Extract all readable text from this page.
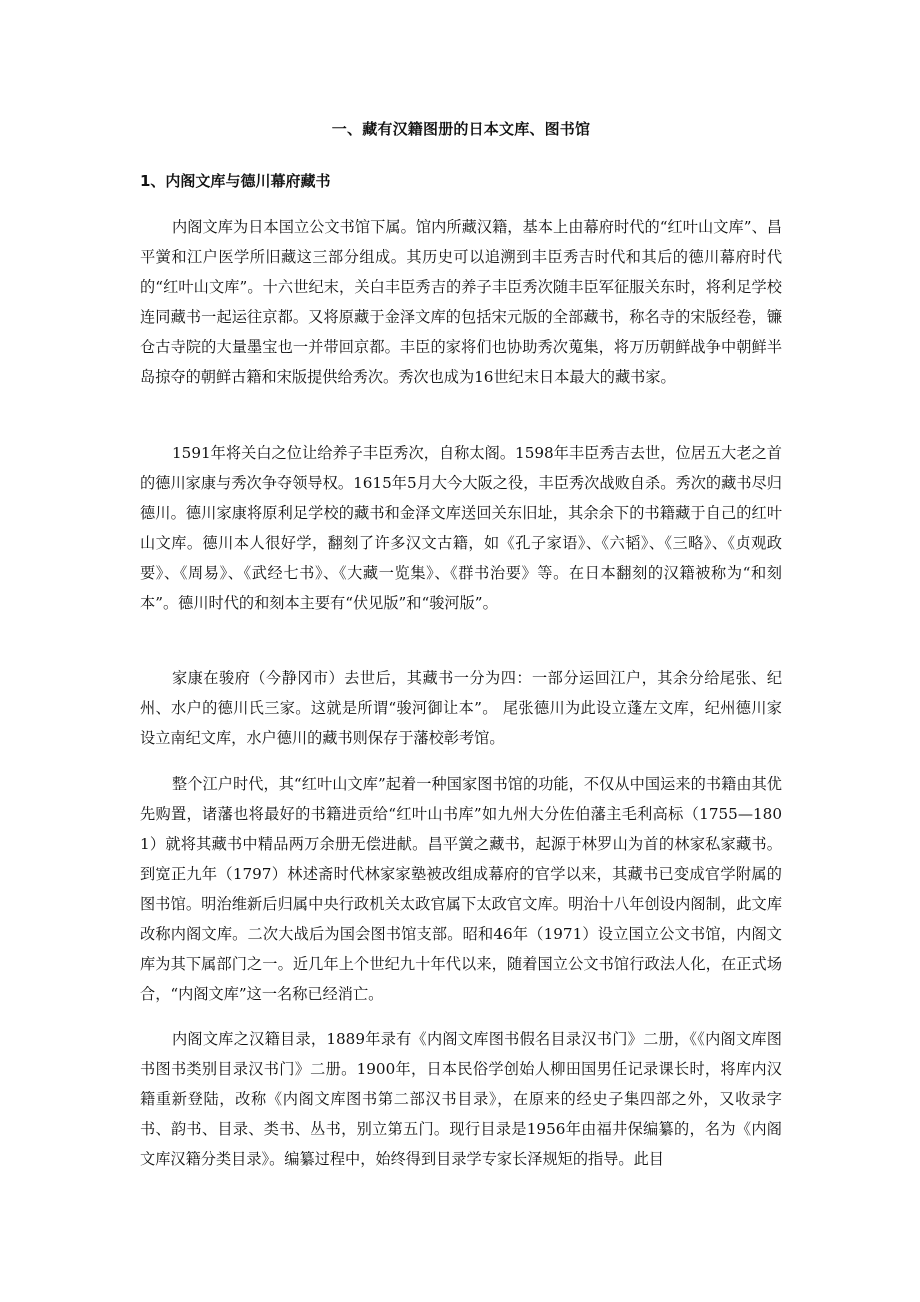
一、藏有汉籍图册的日本文库、图书馆
1、内阁文库与德川幕府藏书

内阁文库为日本国立公文书馆下属。馆内所藏汉籍，基本上由幕府时代的“红叶山文库”、昌平黉和江户医学所旧藏这三部分组成。其历史可以追溯到丰臣秀吉时代和其后的德川幕府时代的“红叶山文库”。十六世纪末，关白丰臣秀吉的养子丰臣秀次随丰臣军征服关东时，将利足学校连同藏书一起运往京都。又将原藏于金泽文库的包括宋元版的全部藏书，称名寺的宋版经卷，镰仓古寺院的大量墨宝也一并带回京都。丰臣的家将们也协助秀次蒐集，将万历朝鲜战争中朝鲜半岛掠夺的朝鲜古籍和宋版提供给秀次。秀次也成为16世纪末日本最大的藏书家。

1591年将关白之位让给养子丰臣秀次，自称太阁。1598年丰臣秀吉去世，位居五大老之首的德川家康与秀次争夺领导权。1615年5月大今大阪之役，丰臣秀次战败自杀。秀次的藏书尽归德川。德川家康将原利足学校的藏书和金泽文库送回关东旧址，其余余下的书籍藏于自己的红叶山文库。德川本人很好学，翻刻了许多汉文古籍，如《孔子家语》、《六韬》、《三略》、《贞观政要》、《周易》、《武经七书》、《大藏一览集》、《群书治要》等。在日本翻刻的汉籍被称为“和刻本”。德川时代的和刻本主要有“伏见版”和“骏河版”。

家康在骏府（今静冈市）去世后，其藏书一分为四：一部分运回江户，其余分给尾张、纪州、水户的德川氏三家。这就是所谓“骏河御让本”。 尾张德川为此设立蓬左文库，纪州德川家设立南纪文库，水户德川的藏书则保存于藩校彰考馆。

整个江户时代，其“红叶山文库”起着一种国家图书馆的功能，不仅从中国运来的书籍由其优先购置，诸藩也将最好的书籍进贡给“红叶山书库”如九州大分佐伯藩主毛利高标（1755—1801）就将其藏书中精品两万余册无偿进献。昌平黉之藏书，起源于林罗山为首的林家私家藏书。到宽正九年（1797）林述斋时代林家家塾被改组成幕府的官学以来，其藏书已变成官学附属的图书馆。明治维新后归属中央行政机关太政官属下太政官文库。明治十八年创设内阁制，此文库改称内阁文库。二次大战后为国会图书馆支部。昭和46年（1971）设立国立公文书馆，内阁文库为其下属部门之一。近几年上个世纪九十年代以来，随着国立公文书馆行政法人化，在正式场合，“内阁文库”这一名称已经消亡。

内阁文库之汉籍目录，1889年录有《内阁文库图书假名目录汉书门》二册，《《内阁文库图书图书类别目录汉书门》二册。1900年，日本民俗学创始人柳田国男任记录课长时，将库内汉籍重新登陆，改称《内阁文库图书第二部汉书目录》，在原来的经史子集四部之外，又收录字书、韵书、目录、类书、丛书，别立第五门。现行目录是1956年由福井保编纂的，名为《内阁文库汉籍分类目录》。编纂过程中，始终得到目录学专家长泽规矩的指导。此目
